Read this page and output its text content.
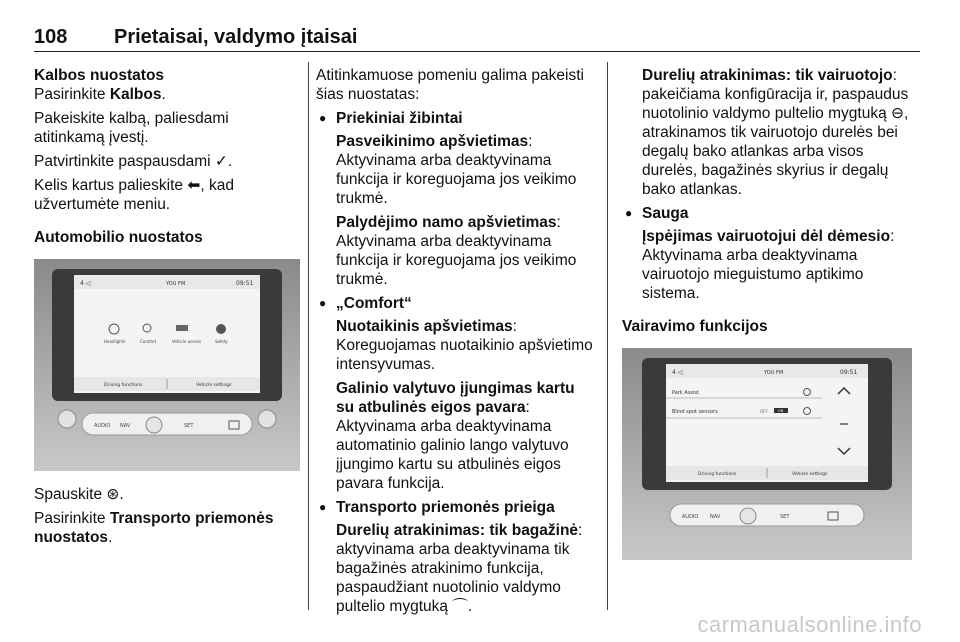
108 Prietaisai, valdymo įtaisai
Kalbos nuostatos

Pasirinkite Kalbos.

Pakeiskite kalbą, paliesdami atitinkamą įvestį.

Patvirtinkite paspausdami ✓.

Kelis kartus palieskite ⬅, kad užvertumėte meniu.

Automobilio nuostatos
4 ◁	YOU FM	09:51
Headlights	Comfort	Vehicle access	Safety
Driving functions	Vehicle settings
AUDIO NAV	SET

Spauskite ⊛.

Pasirinkite Transporto priemonės nuostatos.

Atitinkamuose pomeniu galima pakeisti šias nuostatas:

● Priekiniai žibintai

Pasveikinimo apšvietimas: Aktyvinama arba deaktyvinama funkcija ir koreguojama jos veikimo trukmė.

Palydėjimo namo apšvietimas: Aktyvinama arba deaktyvinama funkcija ir koreguojama jos veikimo trukmė.

● „Comfort“

Nuotaikinis apšvietimas: Koreguojamas nuotaikinio apšvietimo intensyvumas.

Galinio valytuvo įjungimas kartu su atbulinės eigos pavara: Aktyvinama arba deaktyvinama automatinio galinio lango valytuvo įjungimo kartu su atbulinės eigos pavara funkcija.

● Transporto priemonės prieiga

Durelių atrakinimas: tik bagažinė: aktyvinama arba deaktyvinama tik bagažinės atrakinimo funkcija, paspaudžiant nuotolinio valdymo pultelio mygtuką ⌒.

Durelių atrakinimas: tik vairuotojo: pakeičiama konfigūracija ir, paspaudus nuotolinio valdymo pultelio mygtuką ⊖, atrakinamos tik vairuotojo durelės bei degalų bako atlankas arba visos durelės, bagažinės skyrius ir degalų bako atlankas.

● Sauga

Įspėjimas vairuotojui dėl dėmesio: Aktyvinama arba deaktyvinama vairuotojo mieguistumo aptikimo sistema.

Vairavimo funkcijos
4 ◁	YOU FM	09:51
Park Assist
Blind spot sensors	OFF	ON
Driving functions	Vehicle settings
AUDIO NAV	SET
carmanualsonline.info
